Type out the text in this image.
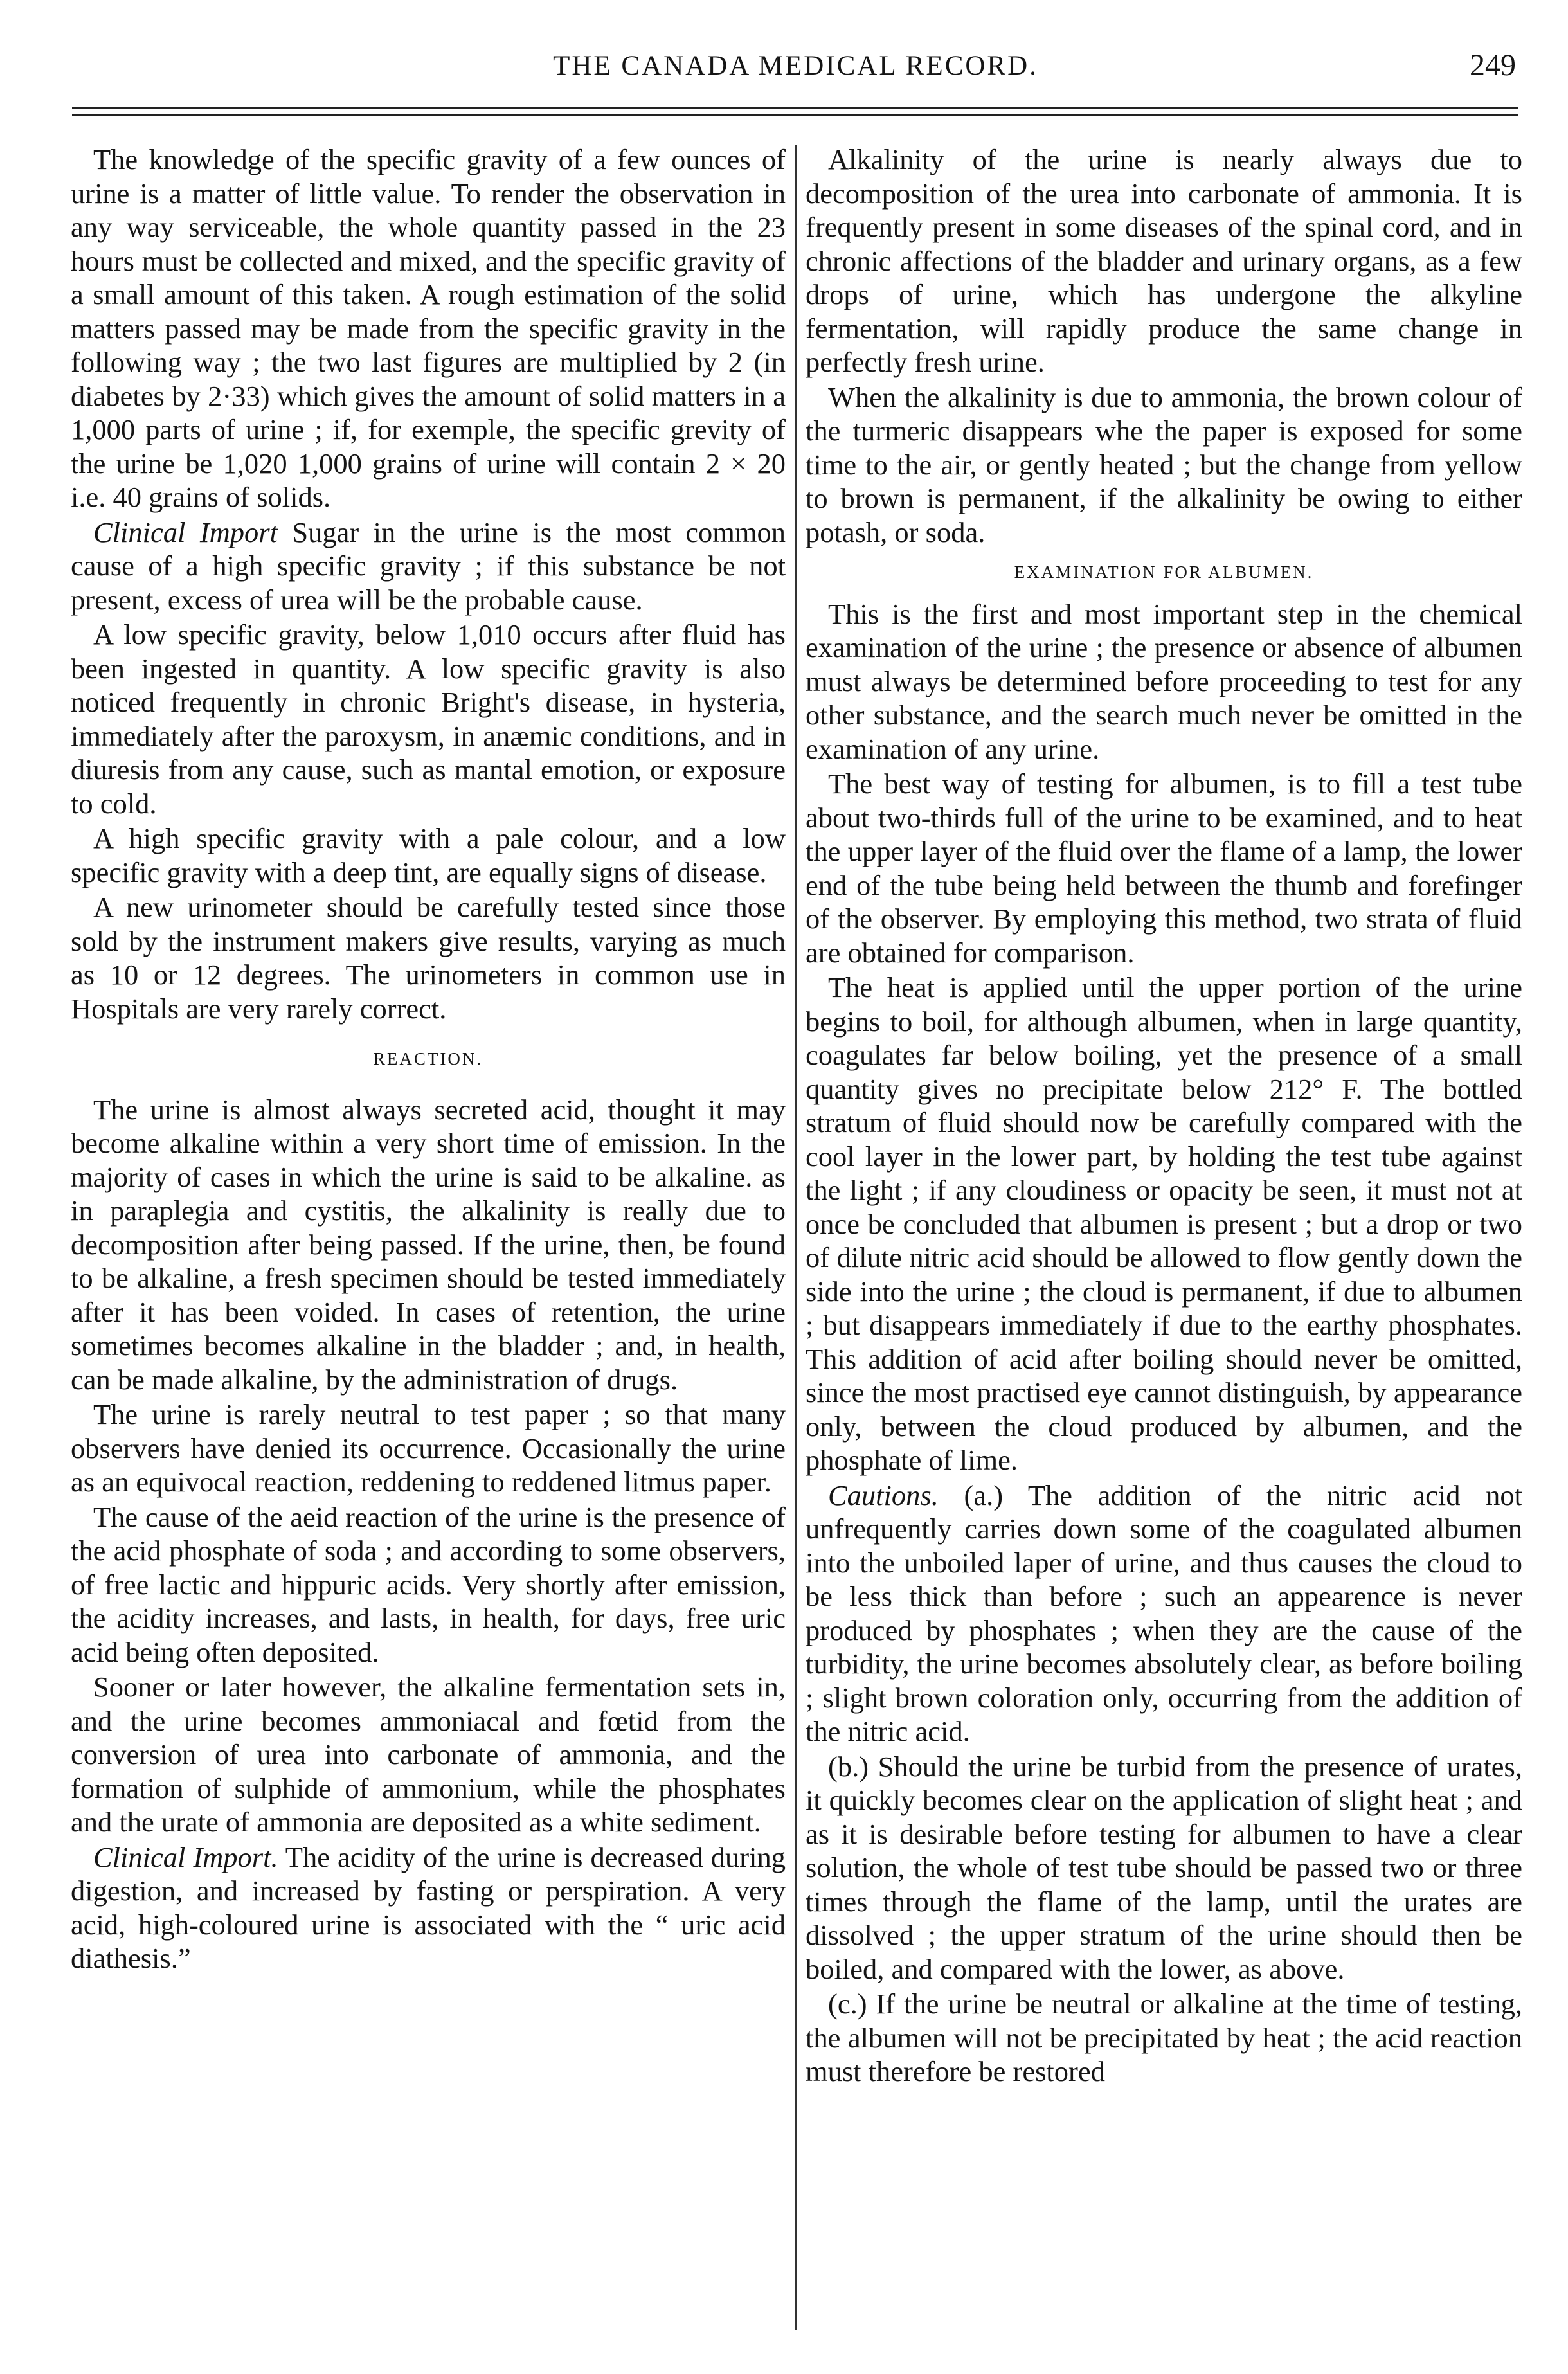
THE CANADA MEDICAL RECORD.	249

The knowledge of the specific gravity of a few ounces of urine is a matter of little value. To render the observation in any way serviceable, the whole quantity passed in the 23 hours must be collected and mixed, and the specific gravity of a small amount of this taken. A rough estimation of the solid matters passed may be made from the specific gravity in the following way ; the two last figures are multiplied by 2 (in diabetes by 2·33) which gives the amount of solid matters in a 1,000 parts of urine ; if, for exemple, the specific grevity of the urine be 1,020 1,000 grains of urine will contain 2 × 20 i.e. 40 grains of solids.

Clinical Import Sugar in the urine is the most common cause of a high specific gravity ; if this substance be not present, excess of urea will be the probable cause.

A low specific gravity, below 1,010 occurs after fluid has been ingested in quantity. A low specific gravity is also noticed frequently in chronic Bright's disease, in hysteria, immediately after the paroxysm, in anæmic conditions, and in diuresis from any cause, such as mantal emotion, or exposure to cold.

A high specific gravity with a pale colour, and a low specific gravity with a deep tint, are equally signs of disease.

A new urinometer should be carefully tested since those sold by the instrument makers give results, varying as much as 10 or 12 degrees. The urinometers in common use in Hospitals are very rarely correct.

REACTION.

The urine is almost always secreted acid, thought it may become alkaline within a very short time of emission. In the majority of cases in which the urine is said to be alkaline. as in paraplegia and cystitis, the alkalinity is really due to decomposition after being passed. If the urine, then, be found to be alkaline, a fresh specimen should be tested immediately after it has been voided. In cases of retention, the urine sometimes becomes alkaline in the bladder ; and, in health, can be made alkaline, by the administration of drugs.

The urine is rarely neutral to test paper ; so that many observers have denied its occurrence. Occasionally the urine as an equivocal reaction, reddening to reddened litmus paper.

The cause of the aeid reaction of the urine is the presence of the acid phosphate of soda ; and according to some observers, of free lactic and hippuric acids. Very shortly after emission, the acidity increases, and lasts, in health, for days, free uric acid being often deposited.

Sooner or later however, the alkaline fermentation sets in, and the urine becomes ammoniacal and fœtid from the conversion of urea into carbonate of ammonia, and the formation of sulphide of ammonium, while the phosphates and the urate of ammonia are deposited as a white sediment.

Clinical Import. The acidity of the urine is decreased during digestion, and increased by fasting or perspiration. A very acid, high-coloured urine is associated with the “ uric acid diathesis.”

Alkalinity of the urine is nearly always due to decomposition of the urea into carbonate of ammonia. It is frequently present in some diseases of the spinal cord, and in chronic affections of the bladder and urinary organs, as a few drops of urine, which has undergone the alkyline fermentation, will rapidly produce the same change in perfectly fresh urine.

When the alkalinity is due to ammonia, the brown colour of the turmeric disappears whe the paper is exposed for some time to the air, or gently heated ; but the change from yellow to brown is permanent, if the alkalinity be owing to either potash, or soda.

EXAMINATION FOR ALBUMEN.

This is the first and most important step in the chemical examination of the urine ; the presence or absence of albumen must always be determined before proceeding to test for any other substance, and the search much never be omitted in the examination of any urine.

The best way of testing for albumen, is to fill a test tube about two-thirds full of the urine to be examined, and to heat the upper layer of the fluid over the flame of a lamp, the lower end of the tube being held between the thumb and forefinger of the observer. By employing this method, two strata of fluid are obtained for comparison.

The heat is applied until the upper portion of the urine begins to boil, for although albumen, when in large quantity, coagulates far below boiling, yet the presence of a small quantity gives no precipitate below 212° F. The bottled stratum of fluid should now be carefully compared with the cool layer in the lower part, by holding the test tube against the light ; if any cloudiness or opacity be seen, it must not at once be concluded that albumen is present ; but a drop or two of dilute nitric acid should be allowed to flow gently down the side into the urine ; the cloud is permanent, if due to albumen ; but disappears immediately if due to the earthy phosphates. This addition of acid after boiling should never be omitted, since the most practised eye cannot distinguish, by appearance only, between the cloud produced by albumen, and the phosphate of lime.

Cautions. (a.) The addition of the nitric acid not unfrequently carries down some of the coagulated albumen into the unboiled laper of urine, and thus causes the cloud to be less thick than before ; such an appearence is never produced by phosphates ; when they are the cause of the turbidity, the urine becomes absolutely clear, as before boiling ; slight brown coloration only, occurring from the addition of the nitric acid.

(b.) Should the urine be turbid from the presence of urates, it quickly becomes clear on the application of slight heat ; and as it is desirable before testing for albumen to have a clear solution, the whole of test tube should be passed two or three times through the flame of the lamp, until the urates are dissolved ; the upper stratum of the urine should then be boiled, and compared with the lower, as above.

(c.) If the urine be neutral or alkaline at the time of testing, the albumen will not be precipitated by heat ; the acid reaction must therefore be restored
